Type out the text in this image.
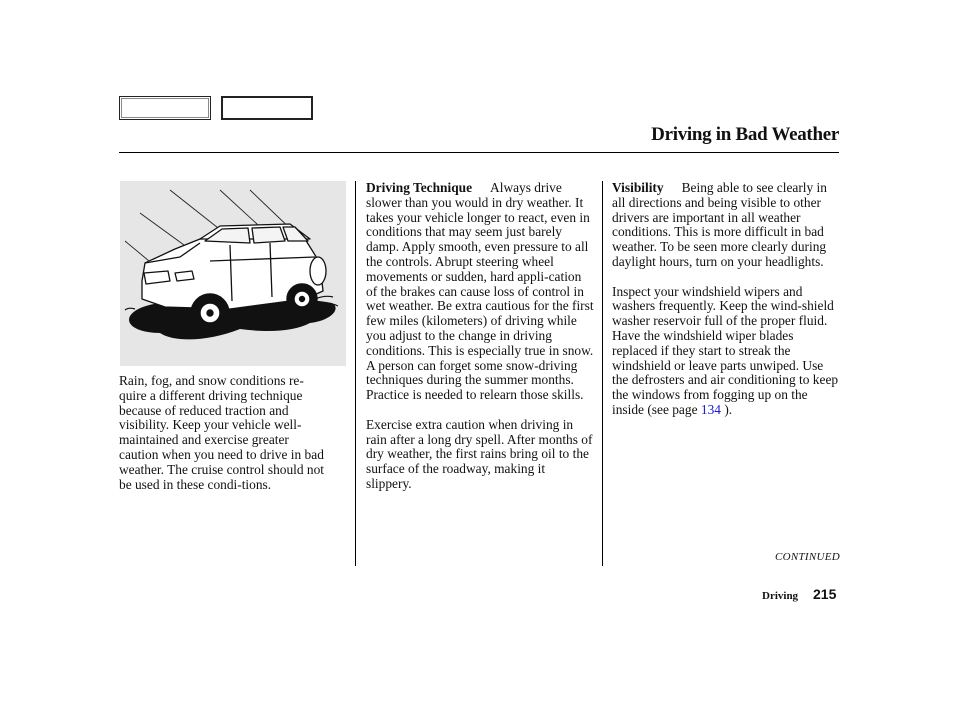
Driving in Bad Weather

Rain, fog, and snow conditions re-quire a different driving technique because of reduced traction and visibility. Keep your vehicle well-maintained and exercise greater caution when you need to drive in bad weather. The cruise control should not be used in these condi-tions.

Driving Technique Always drive slower than you would in dry weather. It takes your vehicle longer to react, even in conditions that may seem just barely damp. Apply smooth, even pressure to all the controls. Abrupt steering wheel movements or sudden, hard appli-cation of the brakes can cause loss of control in wet weather. Be extra cautious for the first few miles (kilometers) of driving while you adjust to the change in driving conditions. This is especially true in snow. A person can forget some snow-driving techniques during the summer months. Practice is needed to relearn those skills.

Exercise extra caution when driving in rain after a long dry spell. After months of dry weather, the first rains bring oil to the surface of the roadway, making it slippery.

Visibility Being able to see clearly in all directions and being visible to other drivers are important in all weather conditions. This is more difficult in bad weather. To be seen more clearly during daylight hours, turn on your headlights.

Inspect your windshield wipers and washers frequently. Keep the wind-shield washer reservoir full of the proper fluid. Have the windshield wiper blades replaced if they start to streak the windshield or leave parts unwiped. Use the defrosters and air conditioning to keep the windows from fogging up on the inside (see page 134 ).

CONTINUED
Driving 215
